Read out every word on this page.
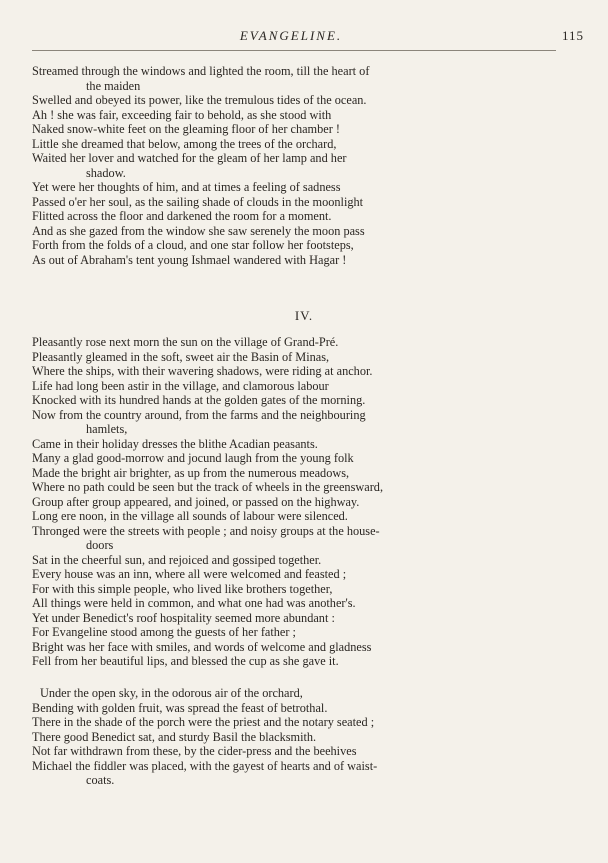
EVANGELINE.	115
Streamed through the windows and lighted the room, till the heart of
the maiden
Swelled and obeyed its power, like the tremulous tides of the ocean.
Ah ! she was fair, exceeding fair to behold, as she stood with
Naked snow-white feet on the gleaming floor of her chamber !
Little she dreamed that below, among the trees of the orchard,
Waited her lover and watched for the gleam of her lamp and her
shadow.
Yet were her thoughts of him, and at times a feeling of sadness
Passed o'er her soul, as the sailing shade of clouds in the moonlight
Flitted across the floor and darkened the room for a moment.
And as she gazed from the window she saw serenely the moon pass
Forth from the folds of a cloud, and one star follow her footsteps,
As out of Abraham's tent young Ishmael wandered with Hagar !
IV.
Pleasantly rose next morn the sun on the village of Grand-Pré.
Pleasantly gleamed in the soft, sweet air the Basin of Minas,
Where the ships, with their wavering shadows, were riding at anchor.
Life had long been astir in the village, and clamorous labour
Knocked with its hundred hands at the golden gates of the morning.
Now from the country around, from the farms and the neighbouring
hamlets,
Came in their holiday dresses the blithe Acadian peasants.
Many a glad good-morrow and jocund laugh from the young folk
Made the bright air brighter, as up from the numerous meadows,
Where no path could be seen but the track of wheels in the greensward,
Group after group appeared, and joined, or passed on the highway.
Long ere noon, in the village all sounds of labour were silenced.
Thronged were the streets with people ; and noisy groups at the house-
doors
Sat in the cheerful sun, and rejoiced and gossiped together.
Every house was an inn, where all were welcomed and feasted ;
For with this simple people, who lived like brothers together,
All things were held in common, and what one had was another's.
Yet under Benedict's roof hospitality seemed more abundant :
For Evangeline stood among the guests of her father ;
Bright was her face with smiles, and words of welcome and gladness
Fell from her beautiful lips, and blessed the cup as she gave it.
Under the open sky, in the odorous air of the orchard,
Bending with golden fruit, was spread the feast of betrothal.
There in the shade of the porch were the priest and the notary seated ;
There good Benedict sat, and sturdy Basil the blacksmith.
Not far withdrawn from these, by the cider-press and the beehives
Michael the fiddler was placed, with the gayest of hearts and of waist-
coats.
